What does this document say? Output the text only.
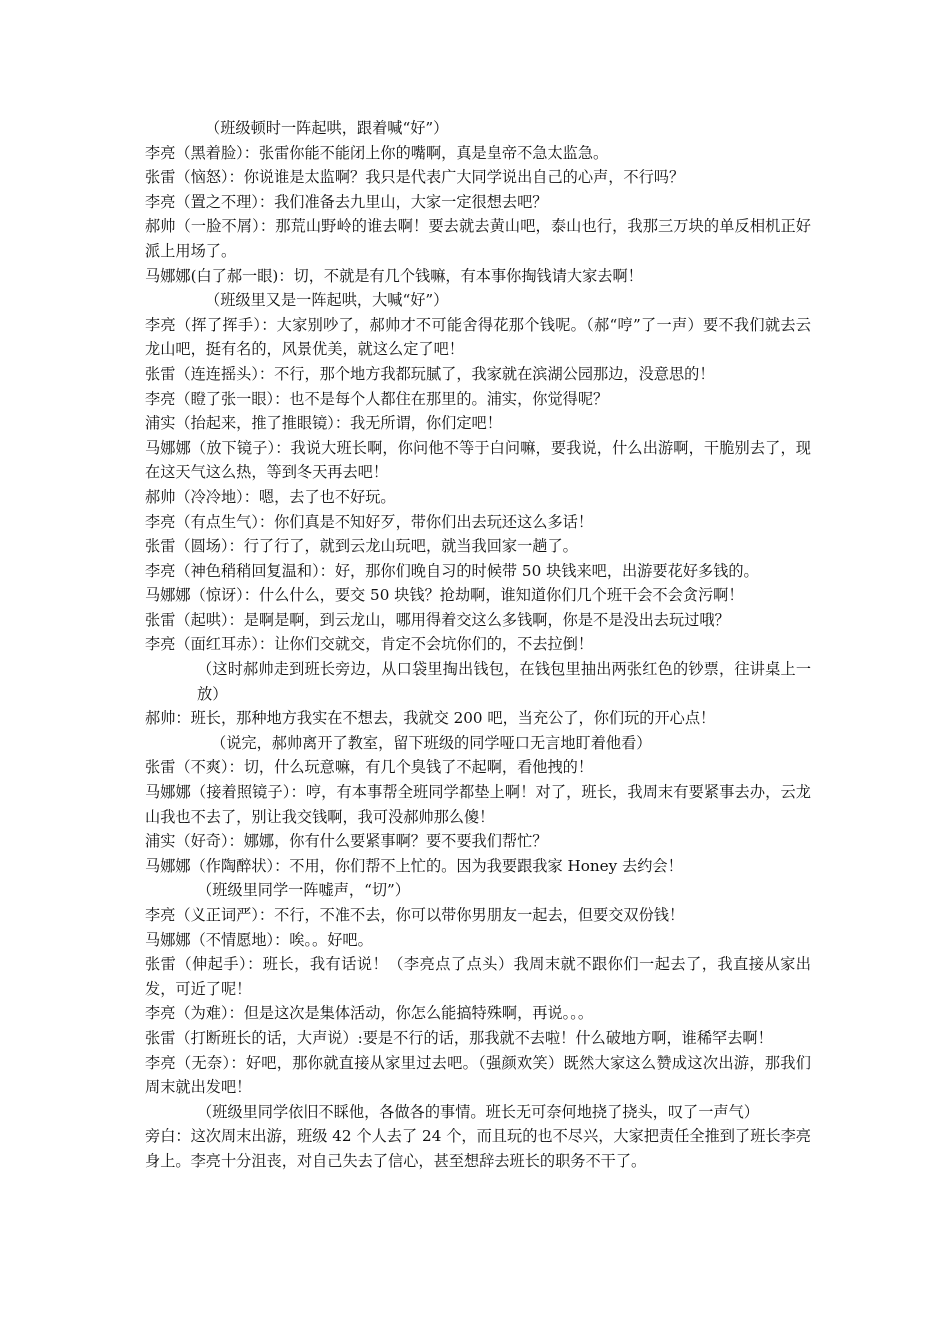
（班级顿时一阵起哄，跟着喊“好”）

李亮（黑着脸）：张雷你能不能闭上你的嘴啊，真是皇帝不急太监急。

张雷（恼怒）：你说谁是太监啊？我只是代表广大同学说出自己的心声，不行吗？

李亮（置之不理）：我们准备去九里山，大家一定很想去吧？

郝帅（一脸不屑）：那荒山野岭的谁去啊！要去就去黄山吧，泰山也行，我那三万块的单反相机正好派上用场了。

马娜娜(白了郝一眼)：切，不就是有几个钱嘛，有本事你掏钱请大家去啊！

（班级里又是一阵起哄，大喊“好”）

李亮（挥了挥手）：大家别吵了，郝帅才不可能舍得花那个钱呢。（郝“哼”了一声）要不我们就去云龙山吧，挺有名的，风景优美，就这么定了吧！

张雷（连连摇头）：不行，那个地方我都玩腻了，我家就在滨湖公园那边，没意思的！

李亮（瞪了张一眼）：也不是每个人都住在那里的。浦实，你觉得呢？

浦实（抬起来，推了推眼镜）：我无所谓，你们定吧！

马娜娜（放下镜子）：我说大班长啊，你问他不等于白问嘛，要我说，什么出游啊，干脆别去了，现在这天气这么热，等到冬天再去吧！

郝帅（冷冷地）：嗯，去了也不好玩。

李亮（有点生气）：你们真是不知好歹，带你们出去玩还这么多话！

张雷（圆场）：行了行了，就到云龙山玩吧，就当我回家一趟了。

李亮（神色稍稍回复温和）：好，那你们晚自习的时候带 50 块钱来吧，出游要花好多钱的。

马娜娜（惊讶）：什么什么，要交 50 块钱？抢劫啊，谁知道你们几个班干会不会贪污啊！

张雷（起哄）：是啊是啊，到云龙山，哪用得着交这么多钱啊，你是不是没出去玩过哦？

李亮（面红耳赤）：让你们交就交，肯定不会坑你们的，不去拉倒！

（这时郝帅走到班长旁边，从口袋里掏出钱包，在钱包里抽出两张红色的钞票，往讲桌上一放）

郝帅：班长，那种地方我实在不想去，我就交 200 吧，当充公了，你们玩的开心点！

（说完，郝帅离开了教室，留下班级的同学哑口无言地盯着他看）

张雷（不爽）：切，什么玩意嘛，有几个臭钱了不起啊，看他拽的！

马娜娜（接着照镜子）：哼，有本事帮全班同学都垫上啊！对了，班长，我周末有要紧事去办，云龙山我也不去了，别让我交钱啊，我可没郝帅那么傻！

浦实（好奇）：娜娜，你有什么要紧事啊？要不要我们帮忙？

马娜娜（作陶醉状）：不用，你们帮不上忙的。因为我要跟我家 Honey 去约会！

（班级里同学一阵嘘声，“切”）

李亮（义正词严）：不行，不准不去，你可以带你男朋友一起去，但要交双份钱！

马娜娜（不情愿地）：唉。。好吧。

张雷（伸起手）：班长，我有话说！（李亮点了点头）我周末就不跟你们一起去了，我直接从家出发，可近了呢！

李亮（为难）：但是这次是集体活动，你怎么能搞特殊啊，再说。。。

张雷（打断班长的话，大声说）:要是不行的话，那我就不去啦！什么破地方啊，谁稀罕去啊！

李亮（无奈）：好吧，那你就直接从家里过去吧。（强颜欢笑）既然大家这么赞成这次出游，那我们周末就出发吧！

（班级里同学依旧不睬他，各做各的事情。班长无可奈何地挠了挠头，叹了一声气）

旁白：这次周末出游，班级 42 个人去了 24 个，而且玩的也不尽兴，大家把责任全推到了班长李亮身上。李亮十分沮丧，对自己失去了信心，甚至想辞去班长的职务不干了。
